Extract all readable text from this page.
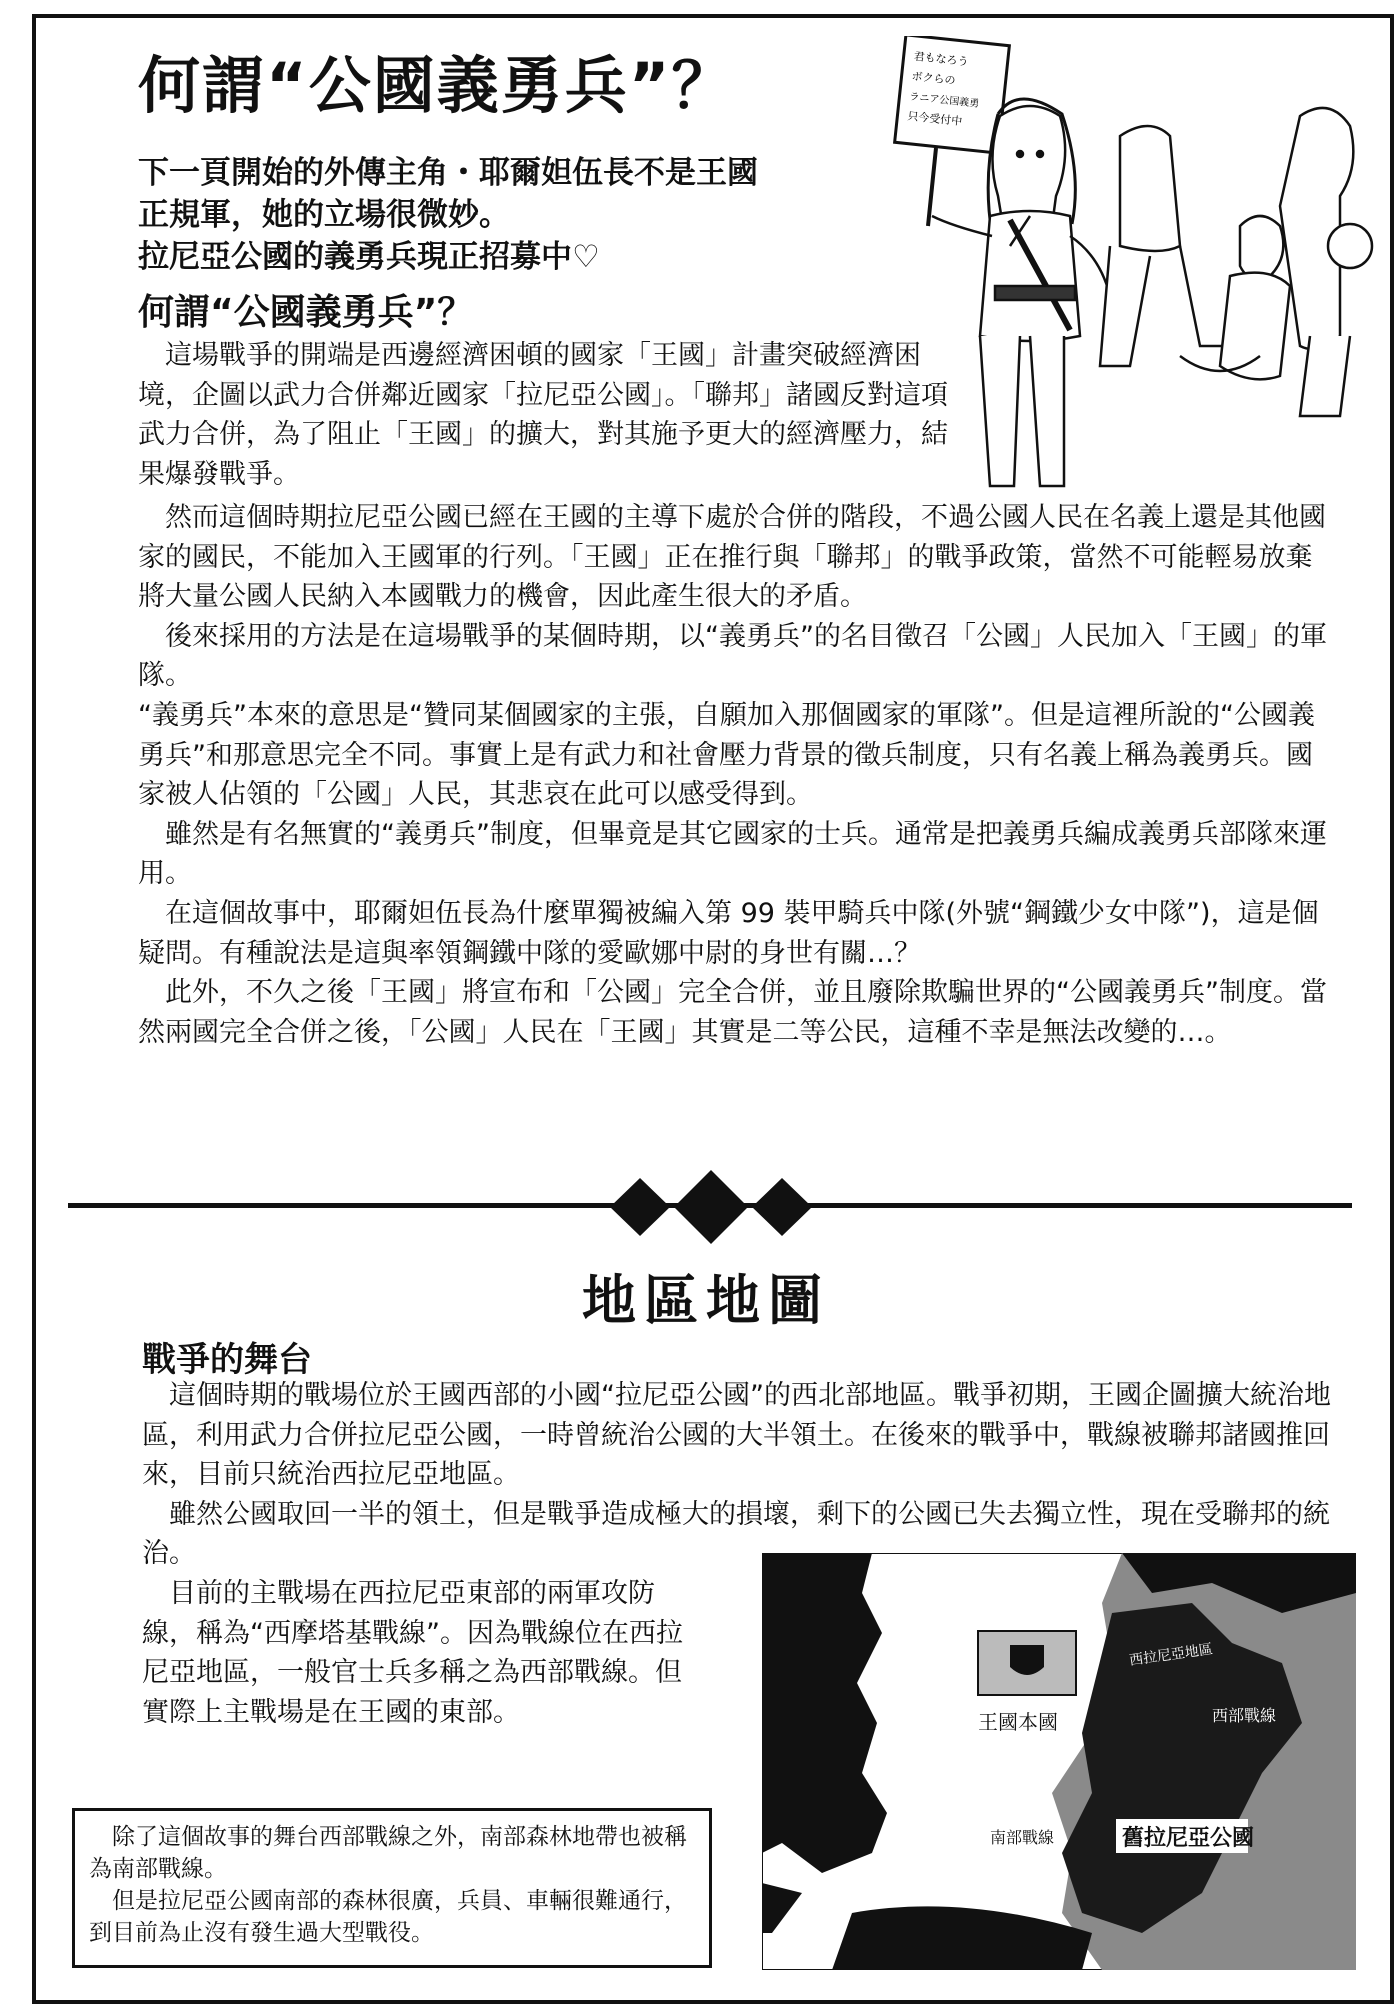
何謂“公國義勇兵”？	君もなろう
ボクらの
ラニア公国義勇
只今受付中
下一頁開始的外傳主角・耶爾妲伍長不是王國
正規軍，她的立場很微妙。
拉尼亞公國的義勇兵現正招募中♡
何謂“公國義勇兵”？

這場戰爭的開端是西邊經濟困頓的國家「王國」計畫突破經濟困境，企圖以武力合併鄰近國家「拉尼亞公國」。「聯邦」諸國反對這項武力合併，為了阻止「王國」的擴大，對其施予更大的經濟壓力，結果爆發戰爭。

然而這個時期拉尼亞公國已經在王國的主導下處於合併的階段，不過公國人民在名義上還是其他國家的國民，不能加入王國軍的行列。「王國」正在推行與「聯邦」的戰爭政策，當然不可能輕易放棄將大量公國人民納入本國戰力的機會，因此產生很大的矛盾。

後來採用的方法是在這場戰爭的某個時期，以“義勇兵”的名目徵召「公國」人民加入「王國」的軍隊。

“義勇兵”本來的意思是“贊同某個國家的主張，自願加入那個國家的軍隊”。但是這裡所說的“公國義勇兵”和那意思完全不同。事實上是有武力和社會壓力背景的徵兵制度，只有名義上稱為義勇兵。國家被人佔領的「公國」人民，其悲哀在此可以感受得到。

雖然是有名無實的“義勇兵”制度，但畢竟是其它國家的士兵。通常是把義勇兵編成義勇兵部隊來運用。

在這個故事中，耶爾妲伍長為什麼單獨被編入第 99 裝甲騎兵中隊(外號“鋼鐵少女中隊”)，這是個疑問。有種說法是這與率領鋼鐵中隊的愛歐娜中尉的身世有關…？

此外，不久之後「王國」將宣布和「公國」完全合併，並且廢除欺騙世界的“公國義勇兵”制度。當然兩國完全合併之後，「公國」人民在「王國」其實是二等公民，這種不幸是無法改變的…。

地區地圖
戰爭的舞台

這個時期的戰場位於王國西部的小國“拉尼亞公國”的西北部地區。戰爭初期，王國企圖擴大統治地區，利用武力合併拉尼亞公國，一時曾統治公國的大半領土。在後來的戰爭中，戰線被聯邦諸國推回來，目前只統治西拉尼亞地區。

雖然公國取回一半的領土，但是戰爭造成極大的損壞，剩下的公國已失去獨立性，現在受聯邦的統治。

目前的主戰場在西拉尼亞東部的兩軍攻防線，稱為“西摩塔基戰線”。因為戰線位在西拉尼亞地區，一般官士兵多稱之為西部戰線。但實際上主戰場是在王國的東部。

除了這個故事的舞台西部戰線之外，南部森林地帶也被稱為南部戰線。

但是拉尼亞公國南部的森林很廣，兵員、車輛很難通行，到目前為止沒有發生過大型戰役。

王國本國
西拉尼亞地區
西部戰線
南部戰線	舊拉尼亞公國
